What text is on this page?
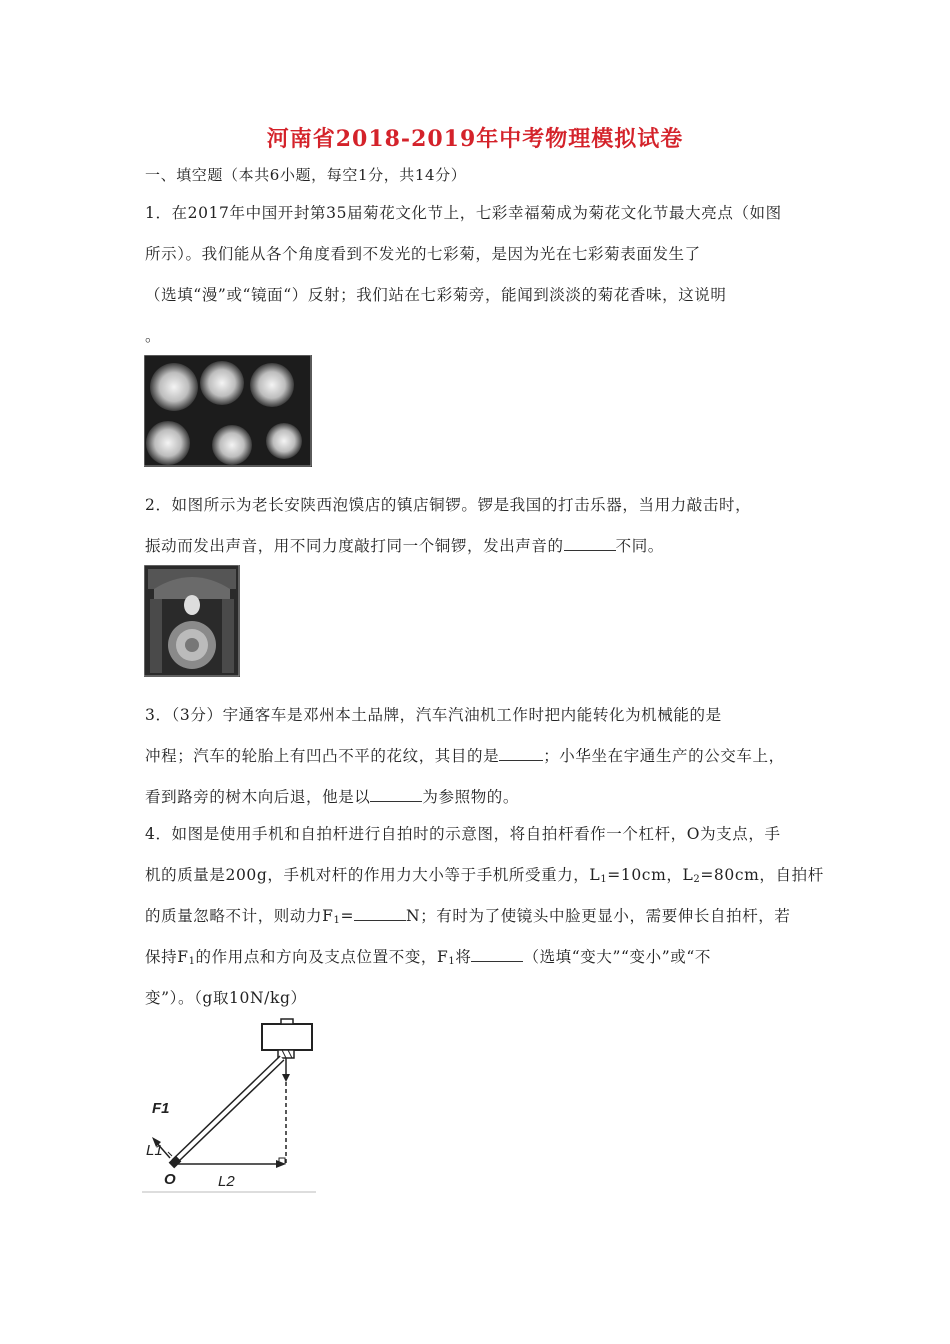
河南省2018-2019年中考物理模拟试卷
一、填空题（本共6小题，每空1分，共14分）
1．在2017年中国开封第35届菊花文化节上，七彩幸福菊成为菊花文化节最大亮点（如图
所示）。我们能从各个角度看到不发光的七彩菊，是因为光在七彩菊表面发生了
（选填“漫”或“镜面“）反射；我们站在七彩菊旁，能闻到淡淡的菊花香味，这说明
。
2．如图所示为老长安陕西泡馍店的镇店铜锣。锣是我国的打击乐器，当用力敲击时，
振动而发出声音，用不同力度敲打同一个铜锣，发出声音的	不同。
3．（3分）宇通客车是邓州本土品牌，汽车汽油机工作时把内能转化为机械能的是
冲程；汽车的轮胎上有凹凸不平的花纹，其目的是	；小华坐在宇通生产的公交车上，
看到路旁的树木向后退，他是以	为参照物的。
4．如图是使用手机和自拍杆进行自拍时的示意图，将自拍杆看作一个杠杆，O为支点，手
机的质量是200g，手机对杆的作用力大小等于手机所受重力，$L_1=10cm$，$L_2=80cm$，自拍杆
的质量忽略不计，则动力$F_1=$	N；有时为了使镜头中脸更显小，需要伸长自拍杆，若
保持$F_1$的作用点和方向及支点位置不变，$F_1$将	（选填“变大”“变小”或“不
变”）。（g取10N/kg）
F1
L1
O	L2
